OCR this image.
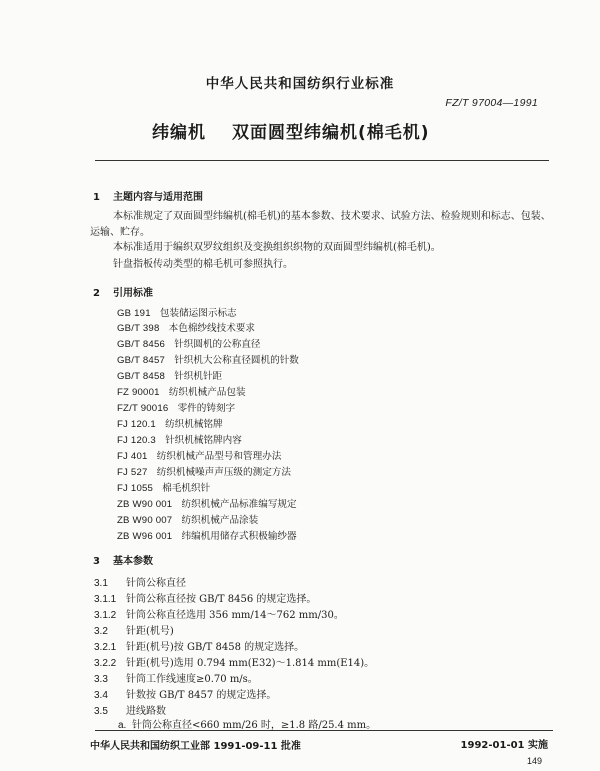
中华人民共和国纺织行业标准
FZ/T 97004—1991
纬编机 双面圆型纬编机(棉毛机)
1 主题内容与适用范围
本标准规定了双面圆型纬编机(棉毛机)的基本参数、技术要求、试验方法、检验规则和标志、包装、
运输、贮存。
本标准适用于编织双罗纹组织及变换组织织物的双面圆型纬编机(棉毛机)。
针盘指板传动类型的棉毛机可参照执行。
2 引用标准
GB 191 包装储运图示标志
GB/T 398 本色棉纱线技术要求
GB/T 8456 针织圆机的公称直径
GB/T 8457 针织机大公称直径圆机的针数
GB/T 8458 针织机针距
FZ 90001 纺织机械产品包装
FZ/T 90016 零件的铸刻字
FJ 120.1 纺织机械铭牌
FJ 120.3 针织机械铭牌内容
FJ 401 纺织机械产品型号和管理办法
FJ 527 纺织机械噪声声压级的测定方法
FJ 1055 棉毛机织针
ZB W90 001 纺织机械产品标准编写规定
ZB W90 007 纺织机械产品涂装
ZB W96 001 纬编机用储存式积极输纱器
3 基本参数
3.1 针筒公称直径
3.1.1 针筒公称直径按 GB/T 8456 的规定选择。
3.1.2 针筒公称直径选用 356 mm/14～762 mm/30。
3.2 针距(机号)
3.2.1 针距(机号)按 GB/T 8458 的规定选择。
3.2.2 针距(机号)选用 0.794 mm(E32)～1.814 mm(E14)。
3.3 针筒工作线速度≥0.70 m/s。
3.4 针数按 GB/T 8457 的规定选择。
3.5 进线路数
a. 针筒公称直径<660 mm/26 时，≥1.8 路/25.4 mm。
中华人民共和国纺织工业部 1991-09-11 批准	1992-01-01 实施
149
